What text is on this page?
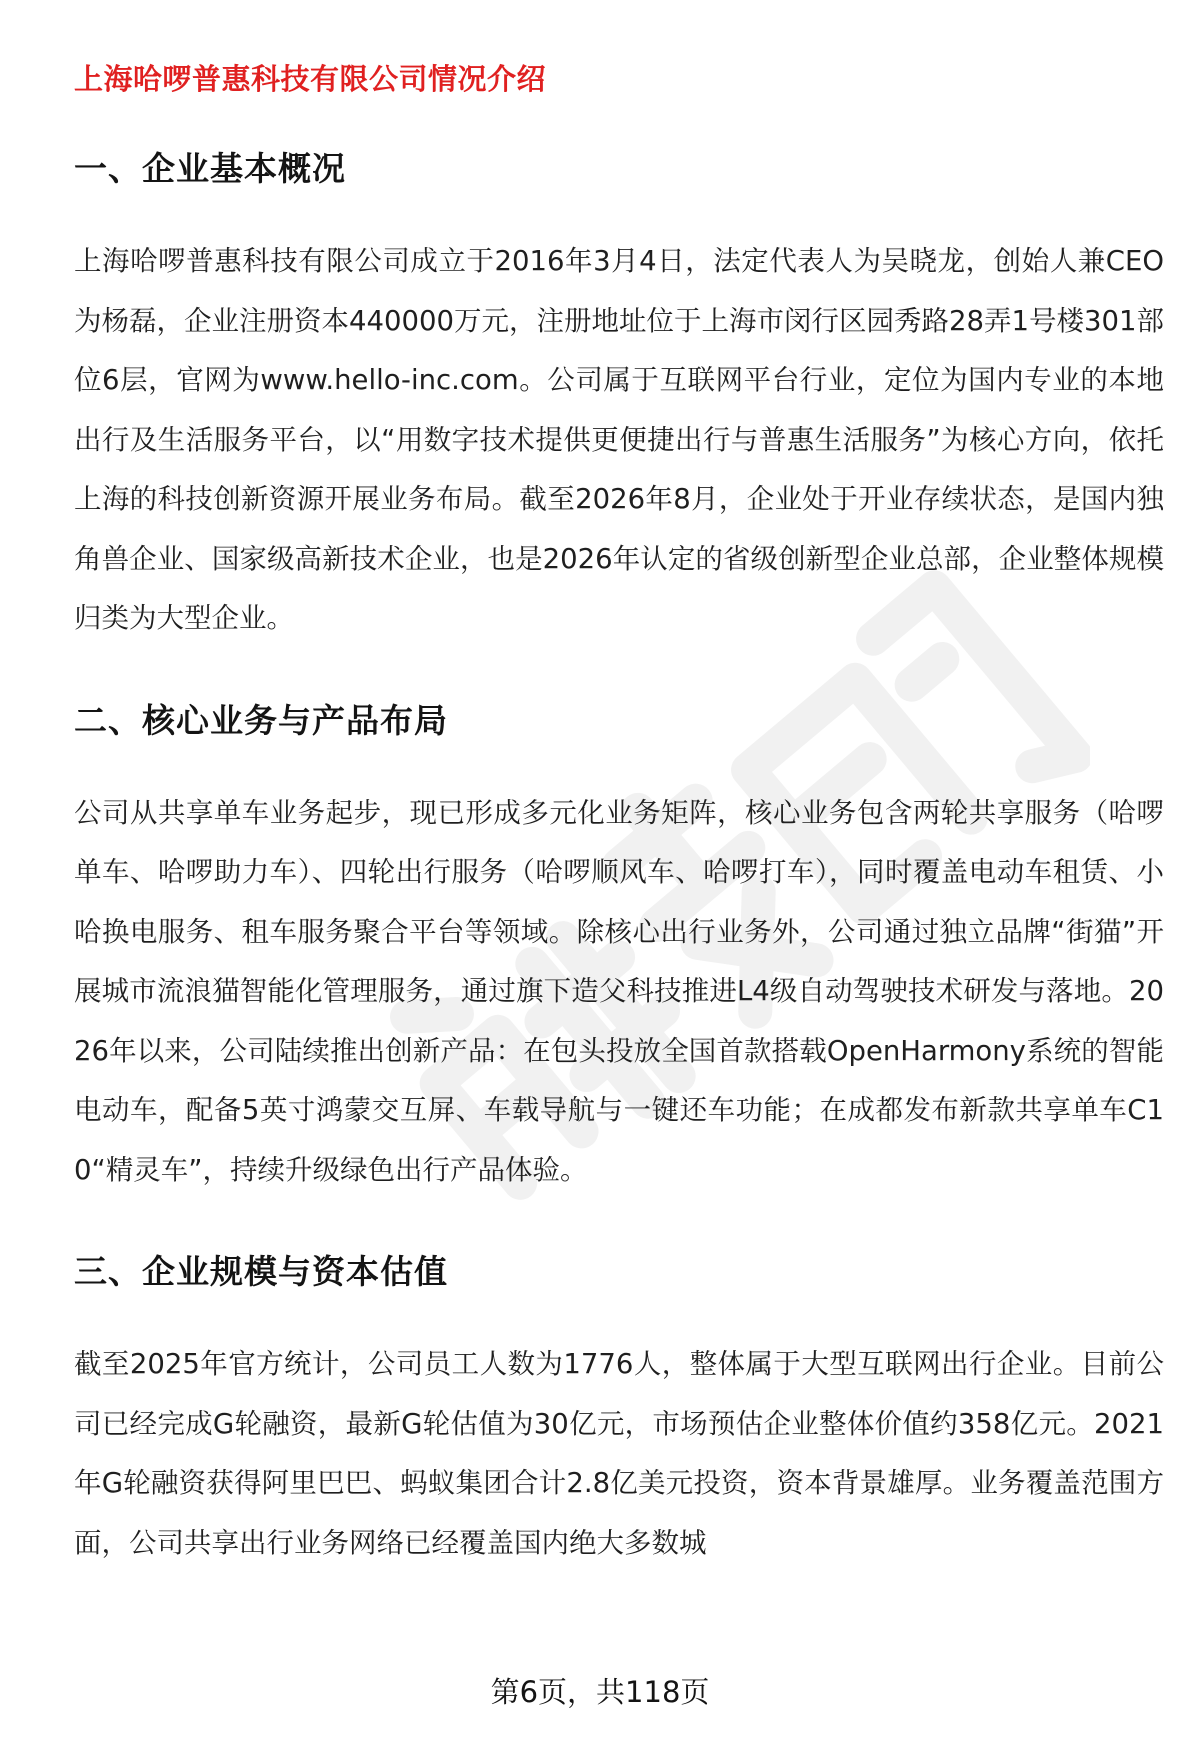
上海哈啰普惠科技有限公司情况介绍
一、企业基本概况

上海哈啰普惠科技有限公司成立于2016年3月4日，法定代表人为吴晓龙，创始人兼CEO为杨磊，企业注册资本440000万元，注册地址位于上海市闵行区园秀路28弄1号楼301部位6层，官网为www.hello-inc.com。公司属于互联网平台行业，定位为国内专业的本地出行及生活服务平台，以“用数字技术提供更便捷出行与普惠生活服务”为核心方向，依托上海的科技创新资源开展业务布局。截至2026年8月，企业处于开业存续状态，是国内独角兽企业、国家级高新技术企业，也是2026年认定的省级创新型企业总部，企业整体规模归类为大型企业。

二、核心业务与产品布局

公司从共享单车业务起步，现已形成多元化业务矩阵，核心业务包含两轮共享服务（哈啰单车、哈啰助力车）、四轮出行服务（哈啰顺风车、哈啰打车），同时覆盖电动车租赁、小哈换电服务、租车服务聚合平台等领域。除核心出行业务外，公司通过独立品牌“街猫”开展城市流浪猫智能化管理服务，通过旗下造父科技推进L4级自动驾驶技术研发与落地。2026年以来，公司陆续推出创新产品：在包头投放全国首款搭载OpenHarmony系统的智能电动车，配备5英寸鸿蒙交互屏、车载导航与一键还车功能；在成都发布新款共享单车C10“精灵车”，持续升级绿色出行产品体验。

三、企业规模与资本估值

截至2025年官方统计，公司员工人数为1776人，整体属于大型互联网出行企业。目前公司已经完成G轮融资，最新G轮估值为30亿元，市场预估企业整体价值约358亿元。2021年G轮融资获得阿里巴巴、蚂蚁集团合计2.8亿美元投资，资本背景雄厚。业务覆盖范围方面，公司共享出行业务网络已经覆盖国内绝大多数城

第6页，共118页
